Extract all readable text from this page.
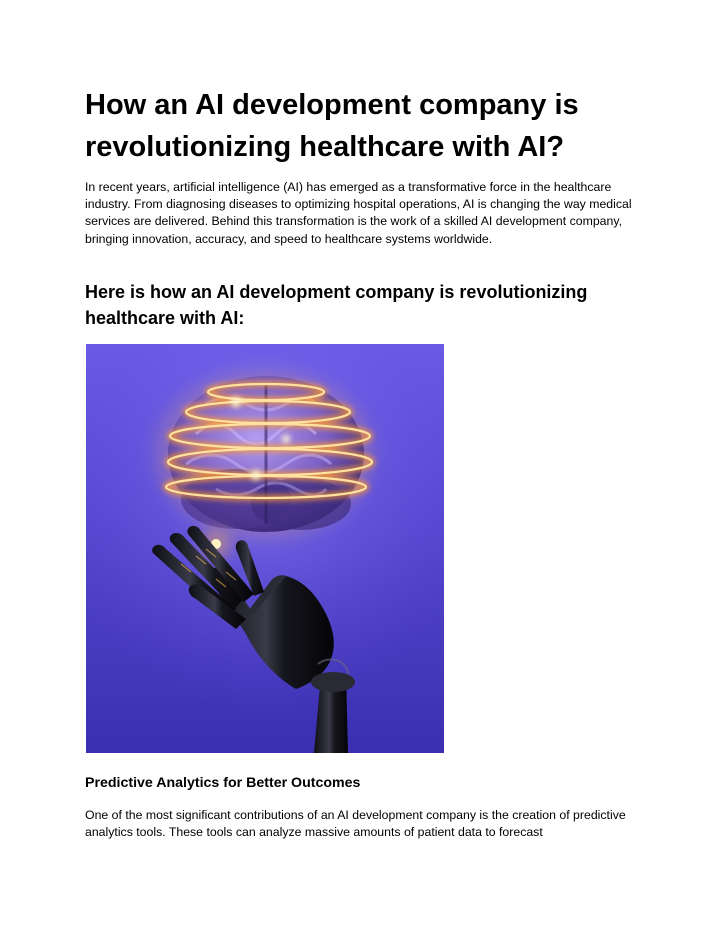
How an AI development company is revolutionizing healthcare with AI?

In recent years, artificial intelligence (AI) has emerged as a transformative force in the healthcare industry. From diagnosing diseases to optimizing hospital operations, AI is changing the way medical services are delivered. Behind this transformation is the work of a skilled AI development company, bringing innovation, accuracy, and speed to healthcare systems worldwide.

Here is how an AI development company is revolutionizing healthcare with AI:
Predictive Analytics for Better Outcomes

One of the most significant contributions of an AI development company is the creation of predictive analytics tools. These tools can analyze massive amounts of patient data to forecast
